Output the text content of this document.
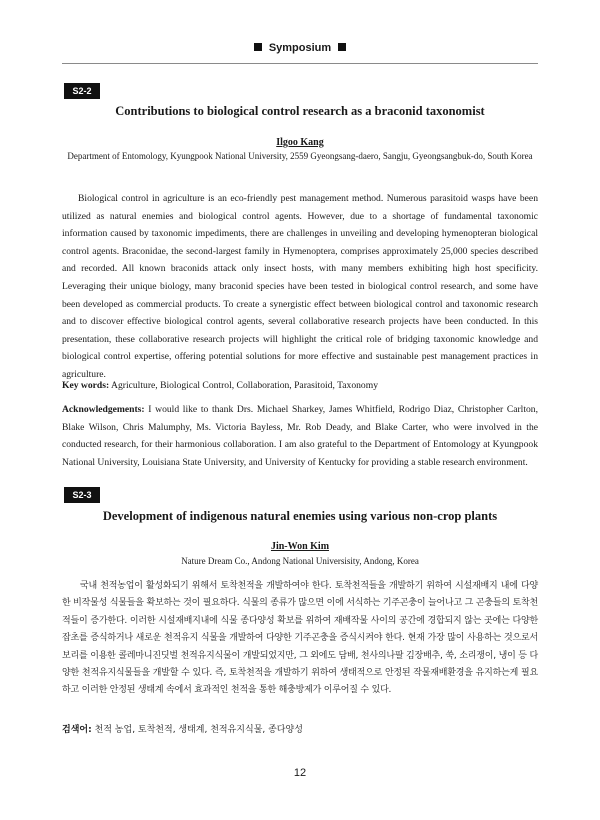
Symposium
S2-2
Contributions to biological control research as a braconid taxonomist
Ilgoo Kang
Department of Entomology, Kyungpook National University, 2559 Gyeongsang-daero, Sangju, Gyeongsangbuk-do, South Korea

Biological control in agriculture is an eco-friendly pest management method. Numerous parasitoid wasps have been utilized as natural enemies and biological control agents. However, due to a shortage of fundamental taxonomic information caused by taxonomic impediments, there are challenges in unveiling and developing hymenopteran biological control agents. Braconidae, the second-largest family in Hymenoptera, comprises approximately 25,000 species described and recorded. All known braconids attack only insect hosts, with many members exhibiting high host specificity. Leveraging their unique biology, many braconid species have been tested in biological control research, and some have been developed as commercial products. To create a synergistic effect between biological control and taxonomic research and to discover effective biological control agents, several collaborative research projects have been conducted. In this presentation, these collaborative research projects will highlight the critical role of bridging taxonomic knowledge and biological control expertise, offering potential solutions for more effective and sustainable pest management practices in agriculture.

Key words: Agriculture, Biological Control, Collaboration, Parasitoid, Taxonomy

Acknowledgements: I would like to thank Drs. Michael Sharkey, James Whitfield, Rodrigo Diaz, Christopher Carlton, Blake Wilson, Chris Malumphy, Ms. Victoria Bayless, Mr. Rob Deady, and Blake Carter, who were involved in the conducted research, for their harmonious collaboration. I am also grateful to the Department of Entomology at Kyungpook National University, Louisiana State University, and University of Kentucky for providing a stable research environment.

S2-3
Development of indigenous natural enemies using various non-crop plants
Jin-Won Kim
Nature Dream Co., Andong National Universisity, Andong, Korea

국내 천적농업이 활성화되기 위해서 토착천적을 개발하여야 한다. 토착천적들을 개발하기 위하여 시설재배지 내에 다양한 비작물성 식물들을 확보하는 것이 필요하다. 식물의 종류가 많으면 이에 서식하는 기주곤충이 늘어나고 그 곤충들의 토착천적들이 증가한다. 이러한 시설재배지내에 식물 종다양성 확보를 위하여 재배작물 사이의 공간에 경합되지 않는 곳에는 다양한 잡초를 증식하거나 새로운 천적유지 식물을 개발하여 다양한 기주곤충을 증식시켜야 한다. 현재 가장 많이 사용하는 것으로서 보리를 이용한 콜레마니진딧벌 천적유지식물이 개발되었지만, 그 외에도 담배, 천사의나팔 김장배추, 쑥, 소리쟁이, 냉이 등 다양한 천적유지식물들을 개발할 수 있다. 즉, 토착천적을 개발하기 위하여 생태적으로 안정된 작물재배환경을 유지하는게 필요하고 이러한 안정된 생태계 속에서 효과적인 천적을 통한 해충방제가 이루어질 수 있다.

검색어: 천적 농업, 토착천적, 생태계, 천적유지식물, 종다양성
12
